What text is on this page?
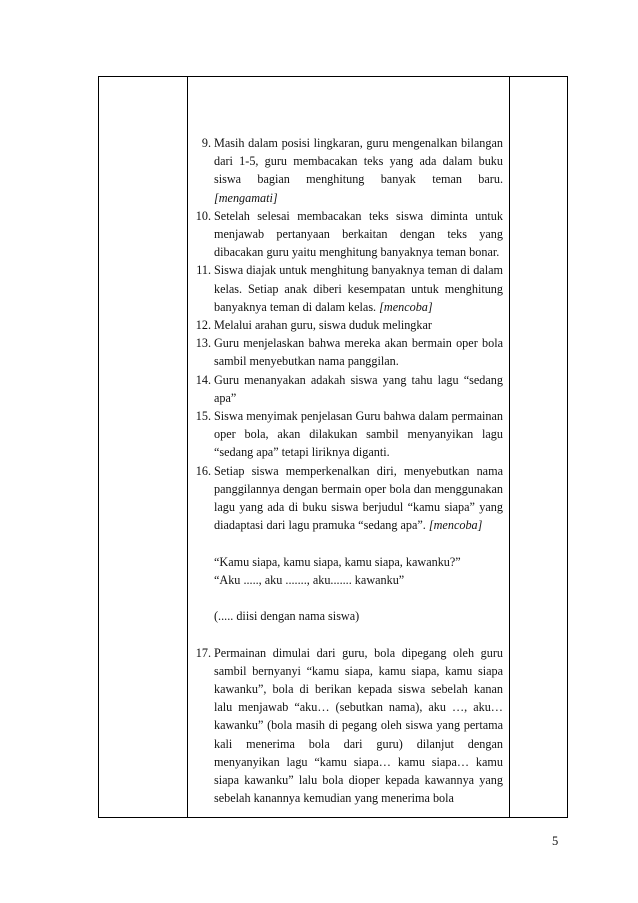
9. Masih dalam posisi lingkaran, guru mengenalkan bilangan dari 1-5, guru membacakan teks yang ada dalam buku siswa bagian menghitung banyak teman baru. [mengamati]
10. Setelah selesai membacakan teks siswa diminta untuk menjawab pertanyaan berkaitan dengan teks yang dibacakan guru yaitu menghitung banyaknya teman bonar.
11. Siswa diajak untuk menghitung banyaknya teman di dalam kelas. Setiap anak diberi kesempatan untuk menghitung banyaknya teman di dalam kelas. [mencoba]
12. Melalui arahan guru, siswa duduk melingkar
13. Guru menjelaskan bahwa mereka akan bermain oper bola sambil menyebutkan nama panggilan.
14. Guru menanyakan adakah siswa yang tahu lagu “sedang apa”
15. Siswa menyimak penjelasan Guru bahwa dalam permainan oper bola, akan dilakukan sambil menyanyikan lagu “sedang apa” tetapi liriknya diganti.
16. Setiap siswa memperkenalkan diri, menyebutkan nama panggilannya dengan bermain oper bola dan menggunakan lagu yang ada di buku siswa berjudul “kamu siapa” yang diadaptasi dari lagu pramuka “sedang apa”. [mencoba]
“Kamu siapa, kamu siapa, kamu siapa, kawanku?”
“Aku ....., aku ......., aku....... kawanku”
(..... diisi dengan nama siswa)
17. Permainan dimulai dari guru, bola dipegang oleh guru sambil bernyanyi “kamu siapa, kamu siapa, kamu siapa kawanku”, bola di berikan kepada siswa sebelah kanan lalu menjawab “aku… (sebutkan nama), aku …, aku… kawanku” (bola masih di pegang oleh siswa yang pertama kali menerima bola dari guru) dilanjut dengan menyanyikan lagu “kamu siapa… kamu siapa… kamu siapa kawanku” lalu bola dioper kepada kawannya yang sebelah kanannya kemudian yang menerima bola
5
